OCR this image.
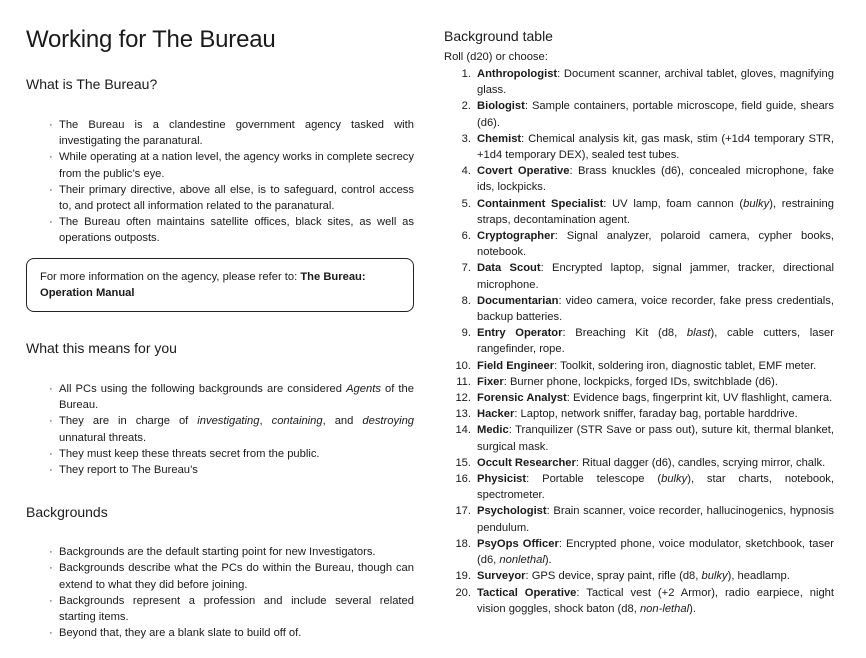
Working for The Bureau
What is The Bureau?
· The Bureau is a clandestine government agency tasked with investigating the paranatural.
· While operating at a nation level, the agency works in complete secrecy from the public’s eye.
· Their primary directive, above all else, is to safeguard, control access to, and protect all information related to the paranatural.
· The Bureau often maintains satellite offices, black sites, as well as operations outposts.
For more information on the agency, please refer to: The Bureau: Operation Manual
What this means for you
· All PCs using the following backgrounds are considered Agents of the Bureau.
· They are in charge of investigating, containing, and destroying unnatural threats.
· They must keep these threats secret from the public.
· They report to The Bureau’s
Backgrounds
· Backgrounds are the default starting point for new Investigators.
· Backgrounds describe what the PCs do within the Bureau, though can extend to what they did before joining.
· Backgrounds represent a profession and include several related starting items.
· Beyond that, they are a blank slate to build off of.
Background table
Roll (d20) or choose:
1. Anthropologist: Document scanner, archival tablet, gloves, magnifying glass.
2. Biologist: Sample containers, portable microscope, field guide, shears (d6).
3. Chemist: Chemical analysis kit, gas mask, stim (+1d4 temporary STR, +1d4 temporary DEX), sealed test tubes.
4. Covert Operative: Brass knuckles (d6), concealed microphone, fake ids, lockpicks.
5. Containment Specialist: UV lamp, foam cannon (bulky), restraining straps, decontamination agent.
6. Cryptographer: Signal analyzer, polaroid camera, cypher books, notebook.
7. Data Scout: Encrypted laptop, signal jammer, tracker, directional microphone.
8. Documentarian: video camera, voice recorder, fake press credentials, backup batteries.
9. Entry Operator: Breaching Kit (d8, blast), cable cutters, laser rangefinder, rope.
10. Field Engineer: Toolkit, soldering iron, diagnostic tablet, EMF meter.
11. Fixer: Burner phone, lockpicks, forged IDs, switchblade (d6).
12. Forensic Analyst: Evidence bags, fingerprint kit, UV flashlight, camera.
13. Hacker: Laptop, network sniffer, faraday bag, portable harddrive.
14. Medic: Tranquilizer (STR Save or pass out), suture kit, thermal blanket, surgical mask.
15. Occult Researcher: Ritual dagger (d6), candles, scrying mirror, chalk.
16. Physicist: Portable telescope (bulky), star charts, notebook, spectrometer.
17. Psychologist: Brain scanner, voice recorder, hallucinogenics, hypnosis pendulum.
18. PsyOps Officer: Encrypted phone, voice modulator, sketchbook, taser (d6, nonlethal).
19. Surveyor: GPS device, spray paint, rifle (d8, bulky), headlamp.
20. Tactical Operative: Tactical vest (+2 Armor), radio earpiece, night vision goggles, shock baton (d8, non-lethal).
